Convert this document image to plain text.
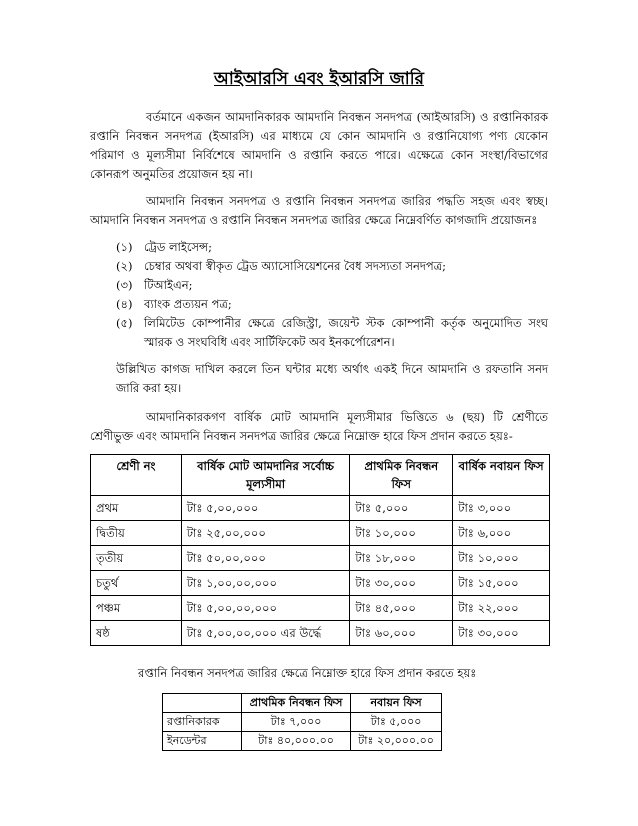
আইআরসি এবং ইআরসি জারি

বর্তমানে একজন আমদানিকারক আমদানি নিবন্ধন সনদপত্র (আইআরসি) ও রপ্তানিকারক রপ্তানি নিবন্ধন সনদপত্র (ইআরসি) এর মাধ্যমে যে কোন আমদানি ও রপ্তানিযোগ্য পণ্য যেকোন পরিমাণ ও মূল্যসীমা নির্বিশেষে আমদানি ও রপ্তানি করতে পারে। এক্ষেত্রে কোন সংস্থা/বিভাগের কোনরূপ অনুমতির প্রয়োজন হয় না।

আমদানি নিবন্ধন সনদপত্র ও রপ্তানি নিবন্ধন সনদপত্র জারির পদ্ধতি সহজ এবং স্বচ্ছ। আমদানি নিবন্ধন সনদপত্র ও রপ্তানি নিবন্ধন সনদপত্র জারির ক্ষেত্রে নিম্নেবর্ণিত কাগজাদি প্রয়োজনঃ

(১)	ট্রেড লাইসেন্স;
(২)	চেম্বার অথবা স্বীকৃত ট্রেড অ্যাসোসিয়েশনের বৈধ সদস্যতা সনদপত্র;
(৩)	টিআইএন;
(৪)	ব্যাংক প্রত্যয়ন পত্র;
(৫)	লিমিটেড কোম্পানীর ক্ষেত্রে রেজিস্ট্রা, জয়েন্ট স্টক কোম্পানী কর্তৃক অনুমোদিত সংঘ স্মারক ও সংঘবিধি এবং সার্টিফিকেট অব ইনকর্পোরেশন।

উল্লিখিত কাগজ দাখিল করলে তিন ঘন্টার মধ্যে অর্থাৎ একই দিনে আমদানি ও রফতানি সনদ জারি করা হয়।

আমদানিকারকগণ বার্ষিক মোট আমদানি মূল্যসীমার ভিত্তিতে ৬ (ছয়) টি শ্রেণীতে শ্রেণীভুক্ত এবং আমদানি নিবন্ধন সনদপত্র জারির ক্ষেত্রে নিম্নোক্ত হারে ফিস প্রদান করতে হয়ঃ-

শ্রেণী নং	বার্ষিক মোট আমদানির সর্বোচ্চ মূল্যসীমা	প্রাথমিক নিবন্ধন ফিস	বার্ষিক নবায়ন ফিস
প্রথম	টাঃ ৫,০০,০০০	টাঃ ৫,০০০	টাঃ ৩,০০০
দ্বিতীয়	টাঃ ২৫,০০,০০০	টাঃ ১০,০০০	টাঃ ৬,০০০
তৃতীয়	টাঃ ৫০,০০,০০০	টাঃ ১৮,০০০	টাঃ ১০,০০০
চতুর্থ	টাঃ ১,০০,০০,০০০	টাঃ ৩০,০০০	টাঃ ১৫,০০০
পঞ্চম	টাঃ ৫,০০,০০,০০০	টাঃ ৪৫,০০০	টাঃ ২২,০০০
ষষ্ঠ	টাঃ ৫,০০,০০,০০০ এর উর্দ্ধে	টাঃ ৬০,০০০	টাঃ ৩০,০০০

রপ্তানি নিবন্ধন সনদপত্র জারির ক্ষেত্রে নিম্নোক্ত হারে ফিস প্রদান করতে হয়ঃ

	প্রাথমিক নিবন্ধন ফিস	নবায়ন ফিস
রপ্তানিকারক	টাঃ ৭,০০০	টাঃ ৫,০০০
ইনডেন্টর	টাঃ ৪০,০০০.০০	টাঃ ২০,০০০.০০
